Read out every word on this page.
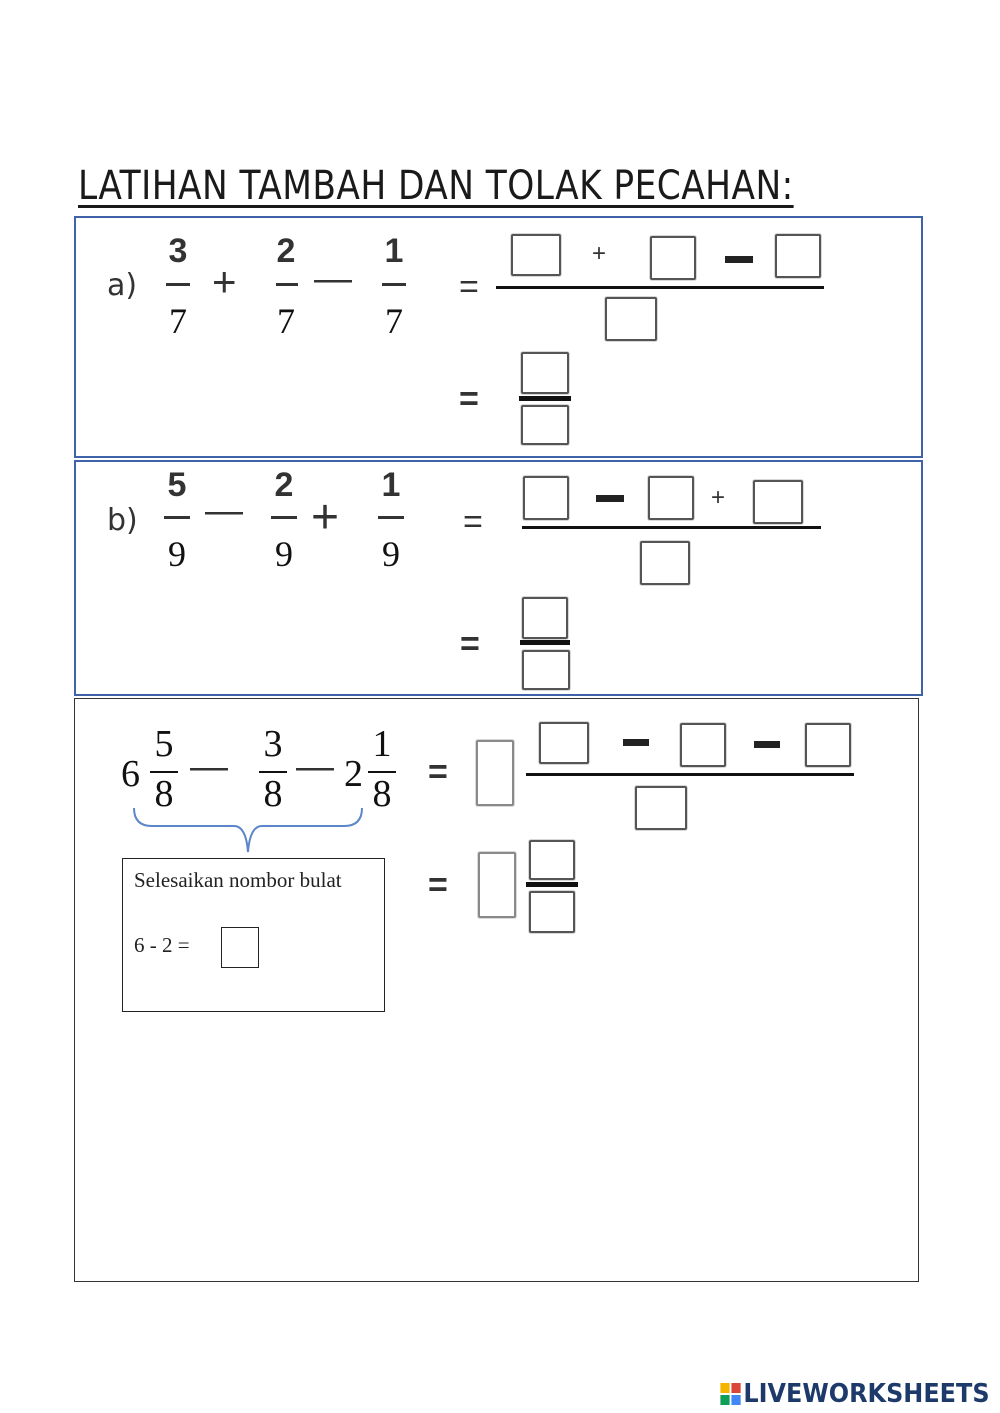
LATIHAN TAMBAH DAN TOLAK PECAHAN:
a)
3
7
+
2
7
—
1
7
=
+
=
b)
5
9
—
2
9
+
1
9
=
+
=
6
5
8
—
3
8
— 2
1
8
Selesaikan nombor bulat
6 - 2 =
=
=
LIVEWORKSHEETS
